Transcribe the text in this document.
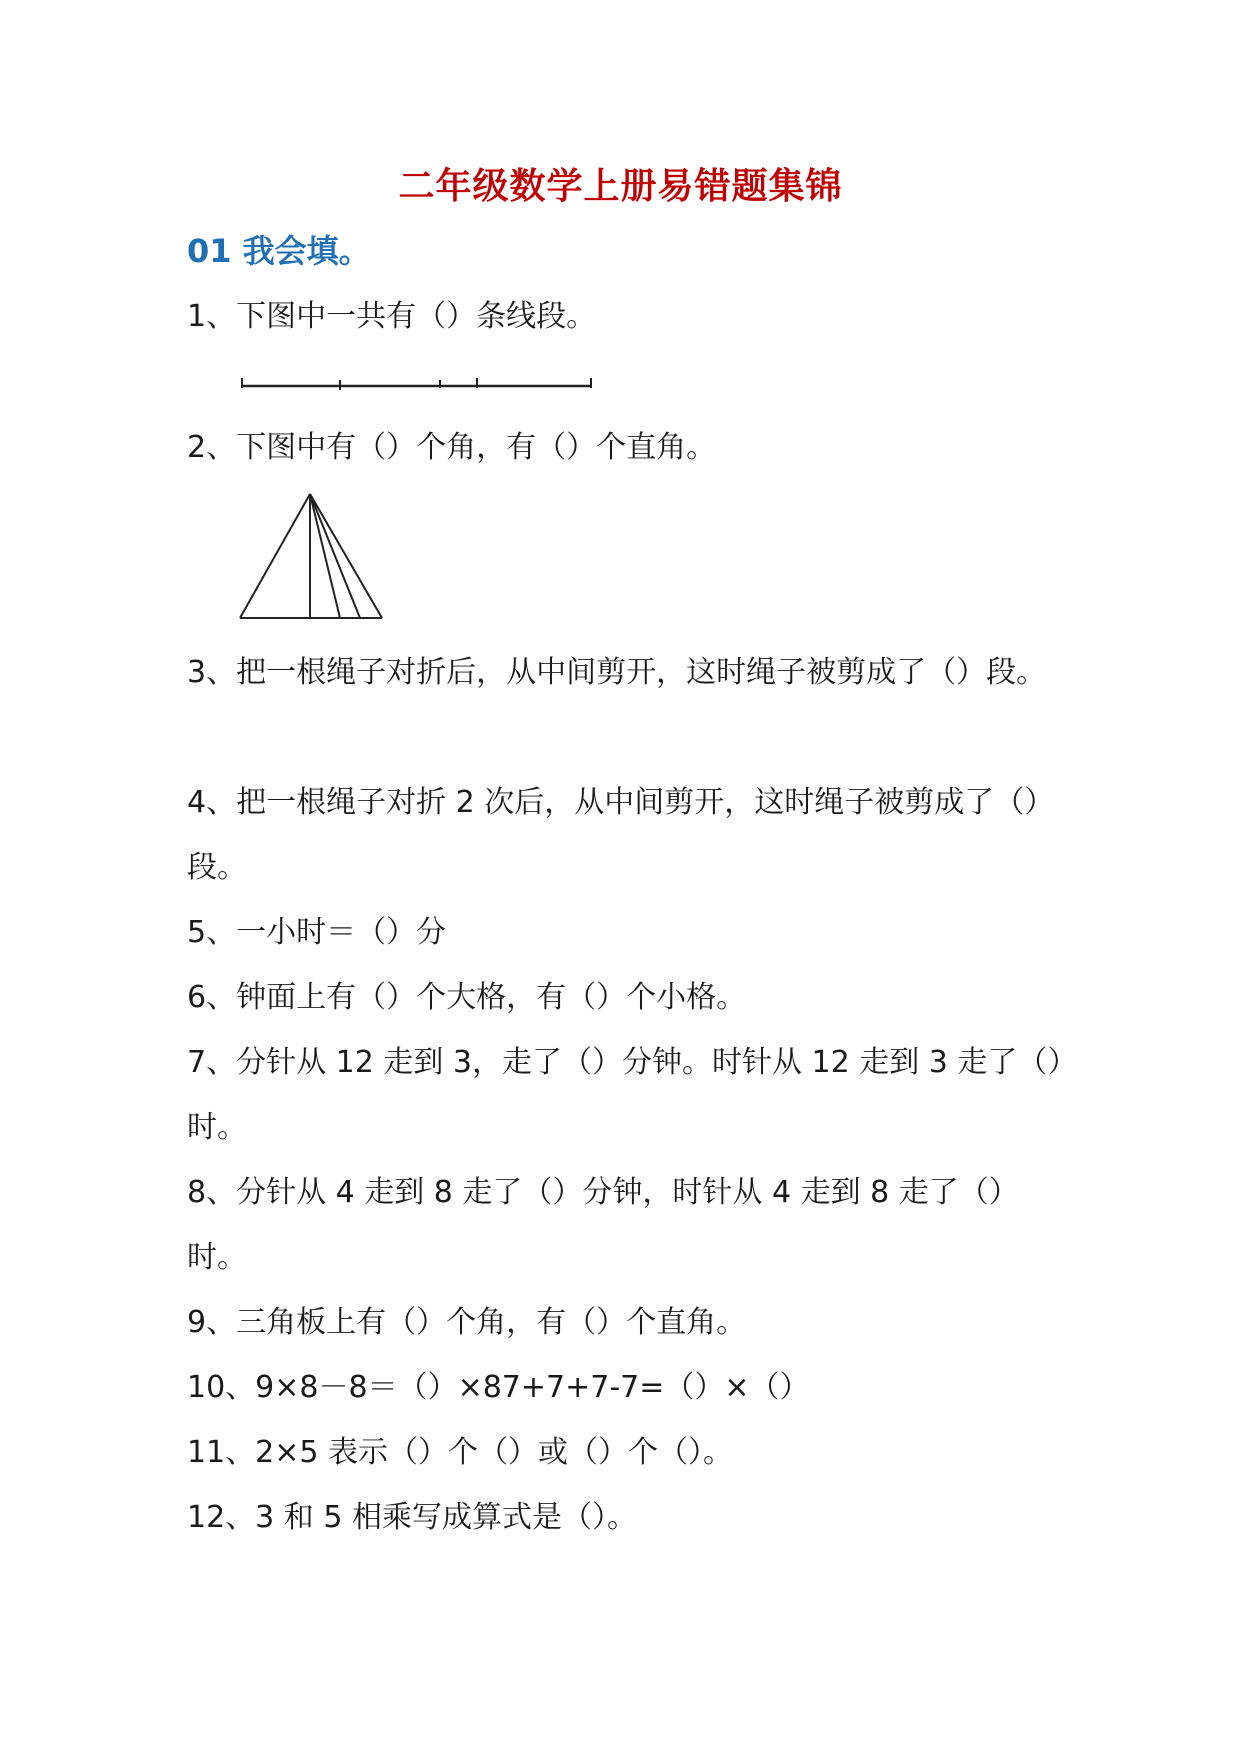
二年级数学上册易错题集锦
01 我会填。
1、下图中一共有（）条线段。
2、下图中有（）个角，有（）个直角。
3、把一根绳子对折后，从中间剪开，这时绳子被剪成了（）段。
4、把一根绳子对折 2 次后，从中间剪开，这时绳子被剪成了（）段。
5、一小时＝（）分
6、钟面上有（）个大格，有（）个小格。
7、分针从 12 走到 3，走了（）分钟。时针从 12 走到 3 走了（）时。
8、分针从 4 走到 8 走了（）分钟，时针从 4 走到 8 走了（）时。
9、三角板上有（）个角，有（）个直角。
10、9×8－8＝（）×87+7+7-7=（）×（）
11、2×5 表示（）个（）或（）个（）。
12、3 和 5 相乘写成算式是（）。
